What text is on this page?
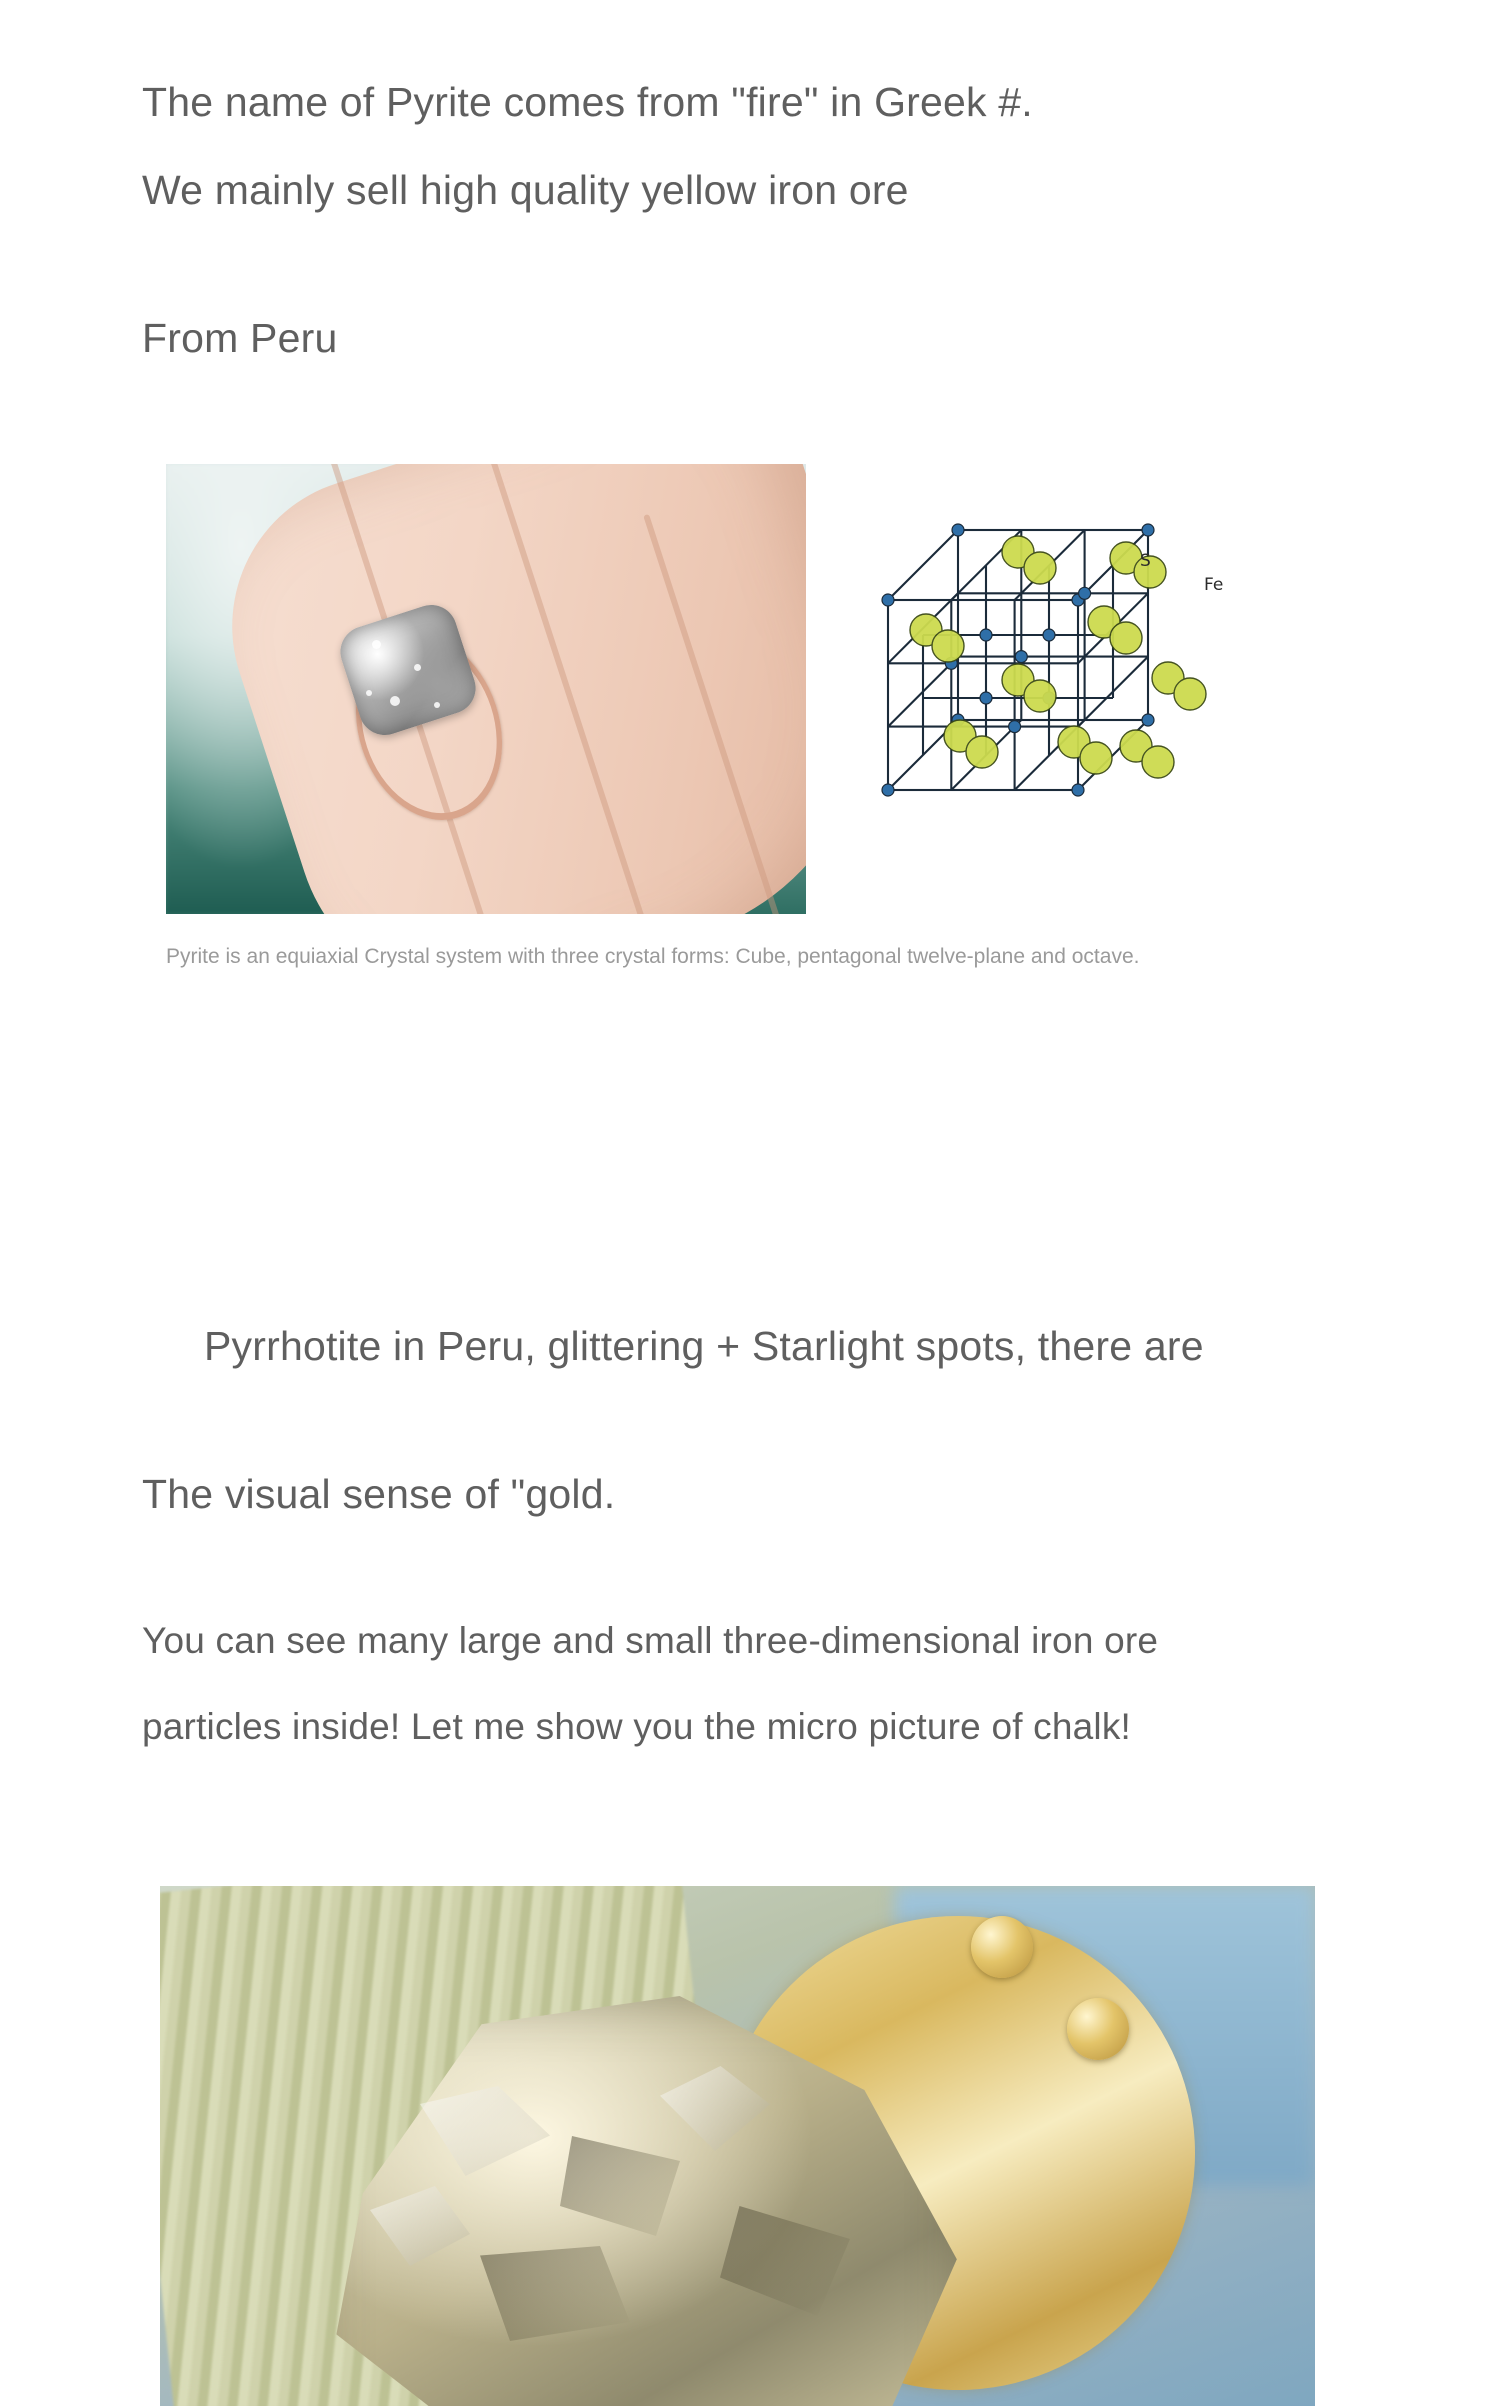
The name of Pyrite comes from "fire" in Greek #.

We mainly sell high quality yellow iron ore

From Peru

S
Fe
Pyrite is an equiaxial Crystal system with three crystal forms: Cube, pentagonal twelve-plane and octave.

Pyrrhotite in Peru, glittering + Starlight spots, there are

The visual sense of "gold.

You can see many large and small three-dimensional iron ore

particles inside! Let me show you the micro picture of chalk!
